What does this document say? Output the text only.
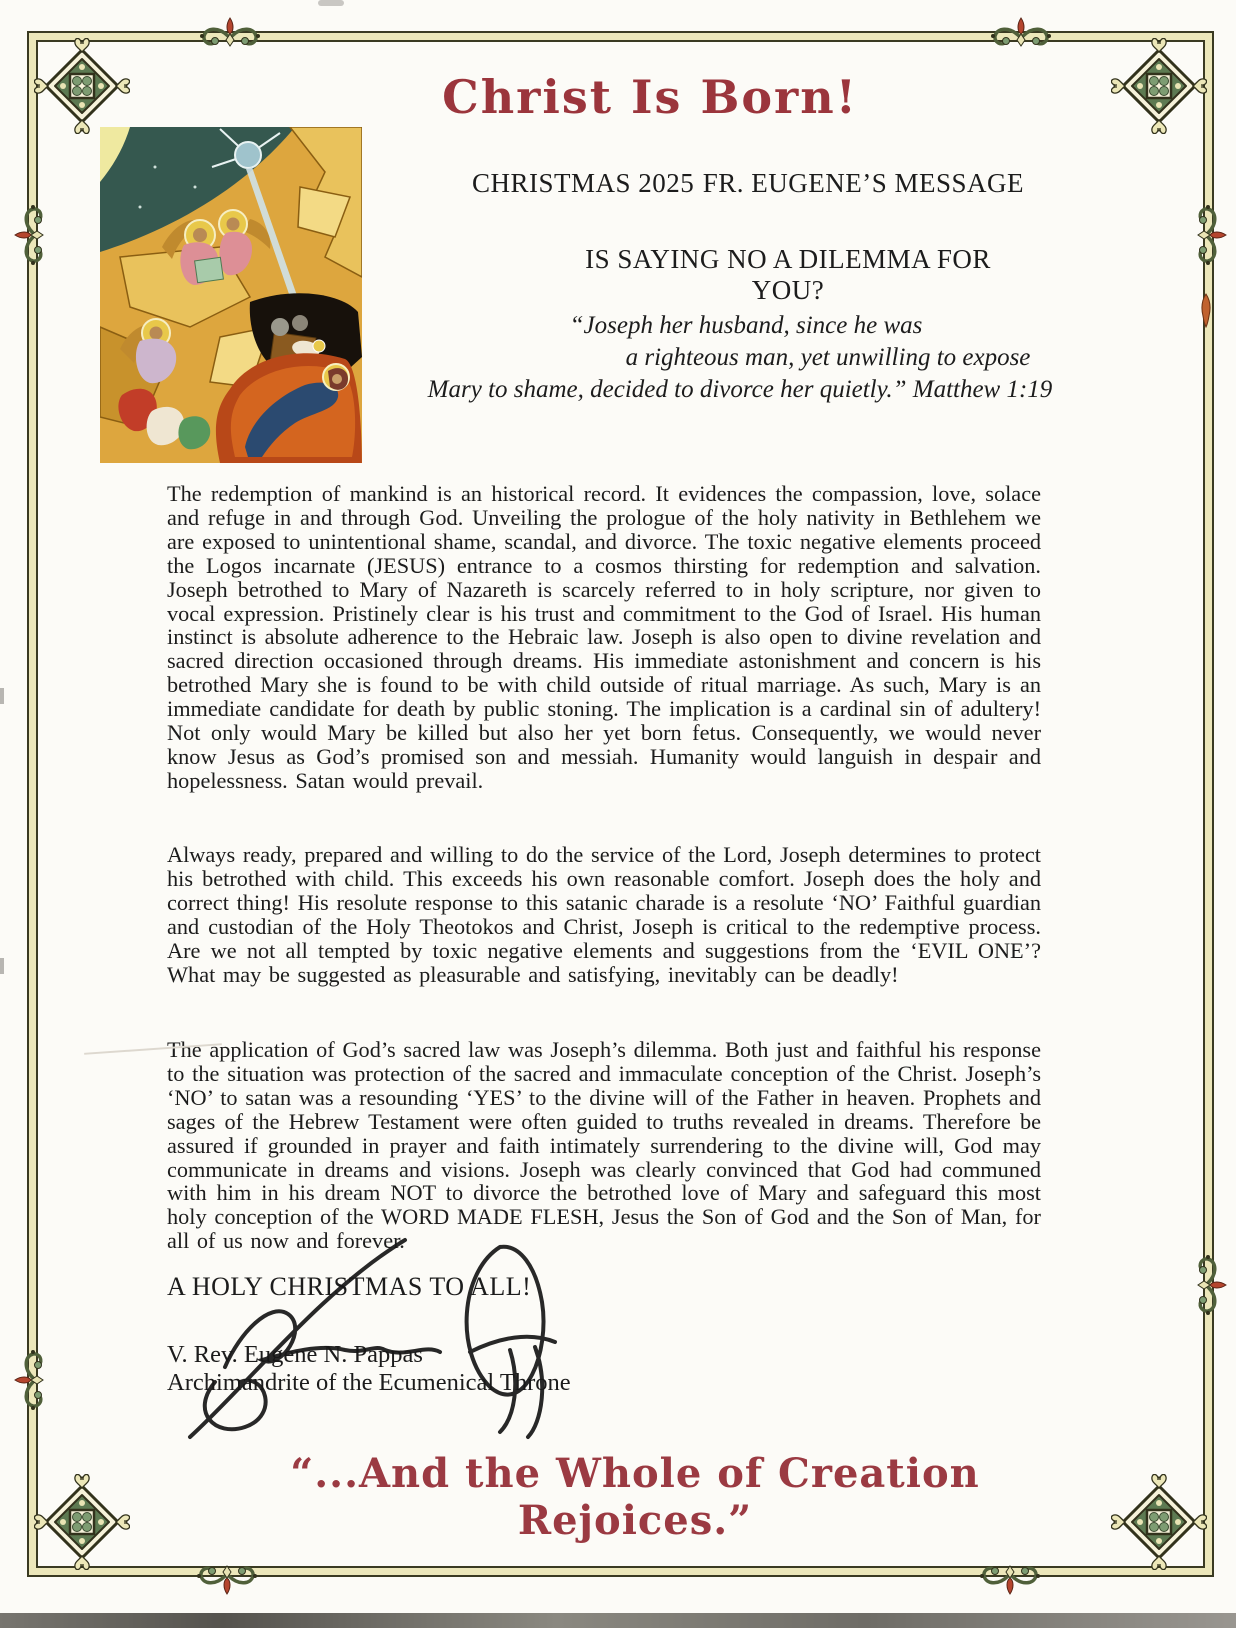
Christ Is Born!
CHRISTMAS 2025 FR. EUGENE’S MESSAGE
IS SAYING NO A DILEMMA FOR YOU?
“Joseph her husband, since he was
a righteous man, yet unwilling to expose
Mary to shame, decided to divorce her quietly.” Matthew 1:19

The redemption of mankind is an historical record. It evidences the compassion, love, solace and refuge in and through God. Unveiling the prologue of the holy nativity in Bethlehem we are exposed to unintentional shame, scandal, and divorce. The toxic negative elements proceed the Logos incarnate (JESUS) entrance to a cosmos thirsting for redemption and salvation. Joseph betrothed to Mary of Nazareth is scarcely referred to in holy scripture, nor given to vocal expression. Pristinely clear is his trust and commitment to the God of Israel. His human instinct is absolute adherence to the Hebraic law. Joseph is also open to divine revelation and sacred direction occasioned through dreams. His immediate astonishment and concern is his betrothed Mary she is found to be with child outside of ritual marriage. As such, Mary is an immediate candidate for death by public stoning. The implication is a cardinal sin of adultery! Not only would Mary be killed but also her yet born fetus. Consequently, we would never know Jesus as God’s promised son and messiah. Humanity would languish in despair and hopelessness. Satan would prevail.

Always ready, prepared and willing to do the service of the Lord, Joseph determines to protect his betrothed with child. This exceeds his own reasonable comfort. Joseph does the holy and correct thing! His resolute response to this satanic charade is a resolute ‘NO’ Faithful guardian and custodian of the Holy Theotokos and Christ, Joseph is critical to the redemptive process. Are we not all tempted by toxic negative elements and suggestions from the ‘EVIL ONE’? What may be suggested as pleasurable and satisfying, inevitably can be deadly!

The application of God’s sacred law was Joseph’s dilemma. Both just and faithful his response to the situation was protection of the sacred and immaculate conception of the Christ. Joseph’s ‘NO’ to satan was a resounding ‘YES’ to the divine will of the Father in heaven. Prophets and sages of the Hebrew Testament were often guided to truths revealed in dreams. Therefore be assured if grounded in prayer and faith intimately surrendering to the divine will, God may communicate in dreams and visions. Joseph was clearly convinced that God had communed with him in his dream NOT to divorce the betrothed love of Mary and safeguard this most holy conception of the WORD MADE FLESH, Jesus the Son of God and the Son of Man, for all of us now and forever.

A HOLY CHRISTMAS TO ALL!
V. Rev. Eugene N. Pappas
Archimandrite of the Ecumenical Throne
“...And the Whole of Creation Rejoices.”
